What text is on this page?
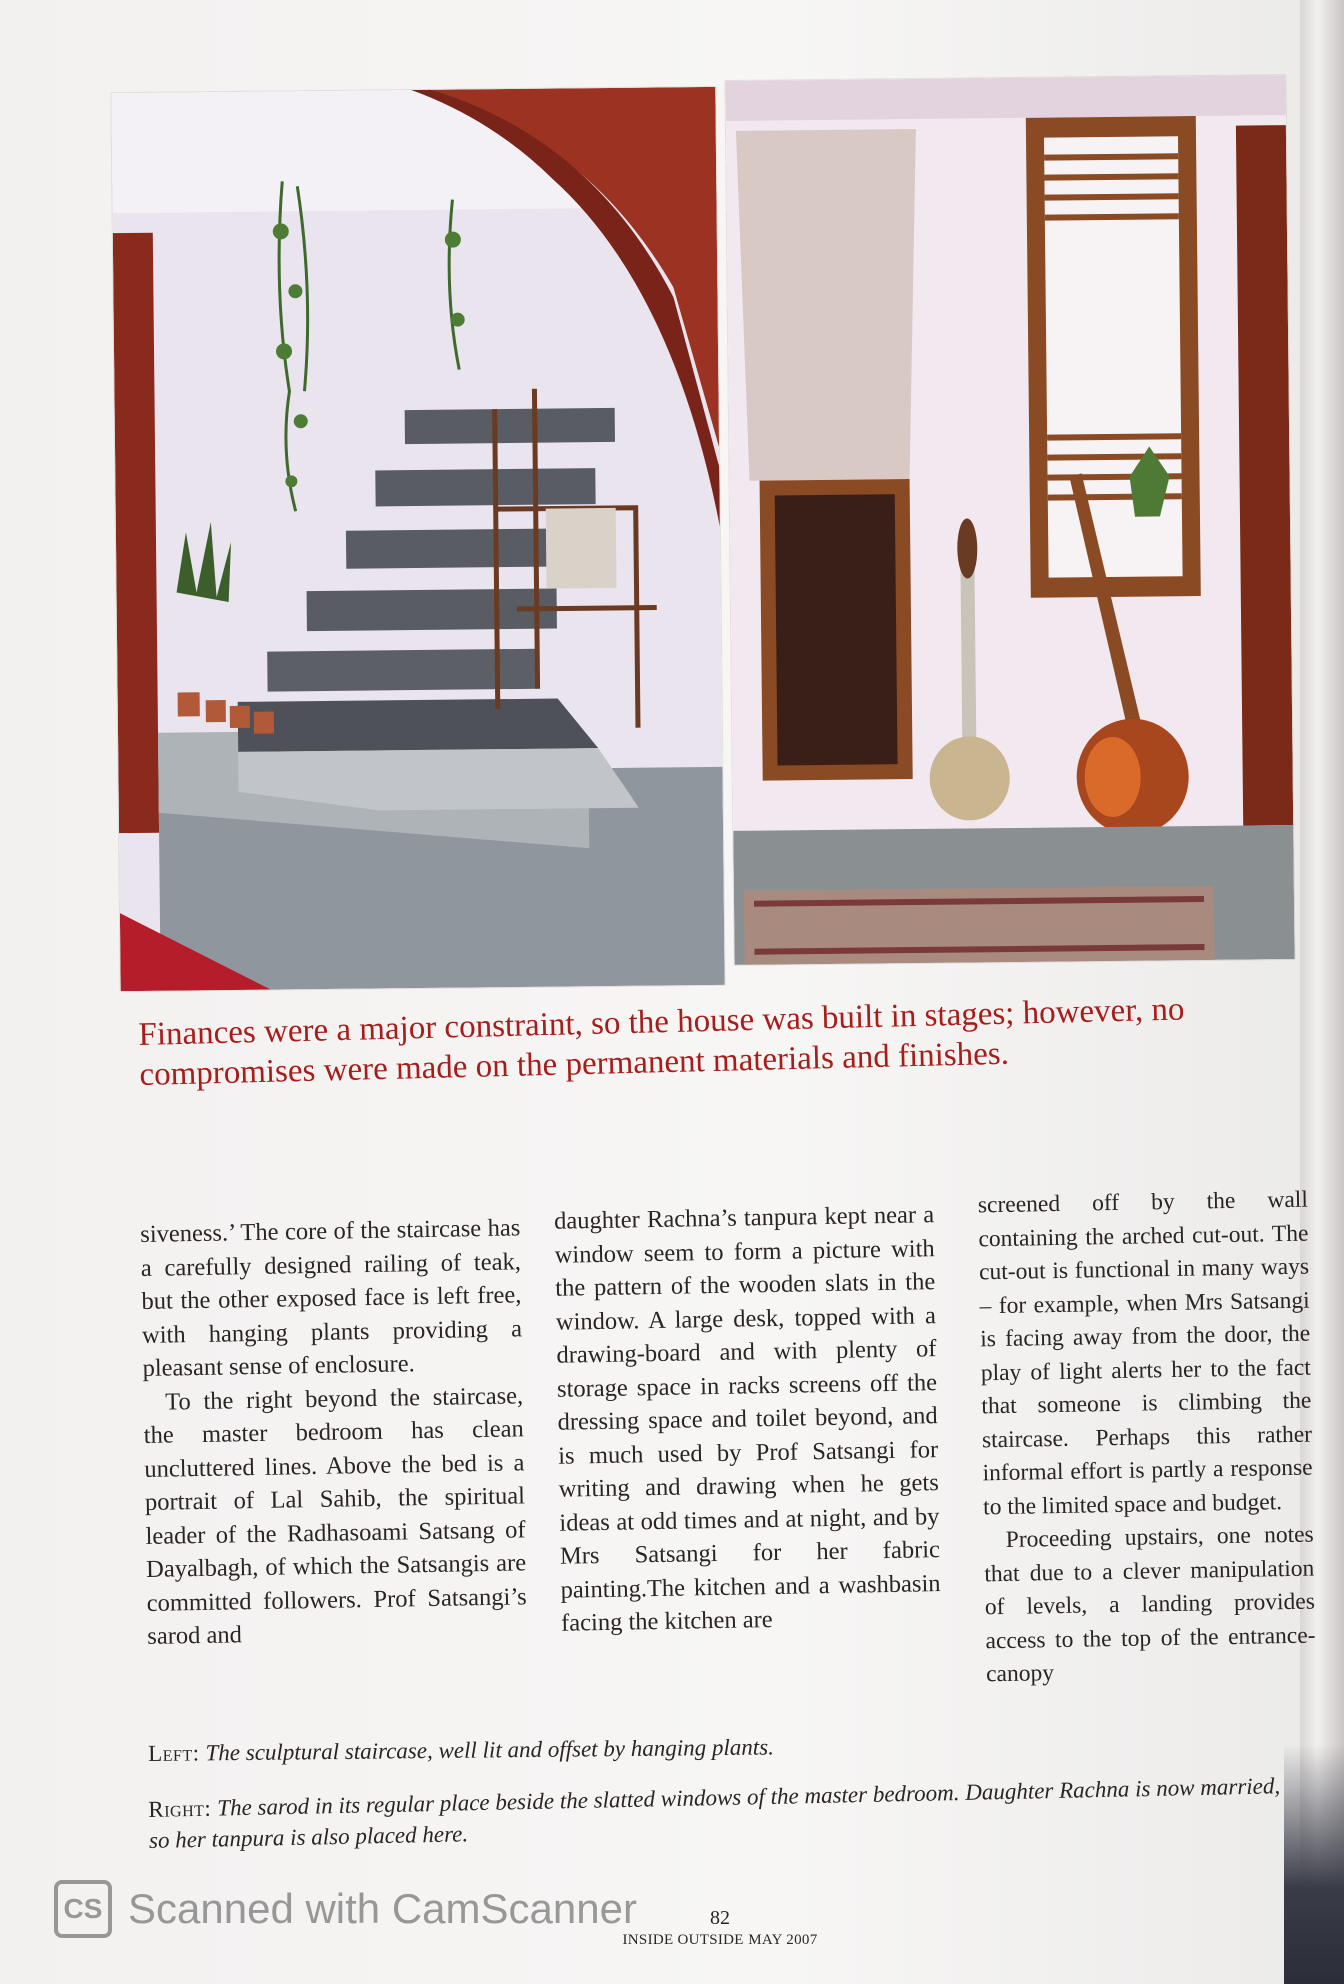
Finances were a major constraint, so the house was built in stages; however, no compromises were made on the permanent materials and finishes.

siveness.’ The core of the staircase has a carefully designed railing of teak, but the other exposed face is left free, with hanging plants providing a pleasant sense of enclosure.

To the right beyond the staircase, the master bedroom has clean uncluttered lines. Above the bed is a portrait of Lal Sahib, the spiritual leader of the Radhasoami Satsang of Dayalbagh, of which the Satsangis are committed followers. Prof Satsangi’s sarod and

daughter Rachna’s tanpura kept near a window seem to form a picture with the pattern of the wooden slats in the window. A large desk, topped with a drawing-board and with plenty of storage space in racks screens off the dressing space and toilet beyond, and is much used by Prof Satsangi for writing and drawing when he gets ideas at odd times and at night, and by Mrs Satsangi for her fabric painting.The kitchen and a washbasin facing the kitchen are

screened off by the wall containing the arched cut-out. The cut-out is functional in many ways – for example, when Mrs Satsangi is facing away from the door, the play of light alerts her to the fact that someone is climbing the staircase. Perhaps this rather informal effort is partly a response to the limited space and budget.

Proceeding upstairs, one notes that due to a clever manipulation of levels, a landing provides access to the top of the entrance-canopy

Left: The sculptural staircase, well lit and offset by hanging plants.
Right: The sarod in its regular place beside the slatted windows of the master bedroom. Daughter Rachna is now married, so her tanpura is also placed here.
CS Scanned with CamScanner	82
INSIDE OUTSIDE MAY 2007
